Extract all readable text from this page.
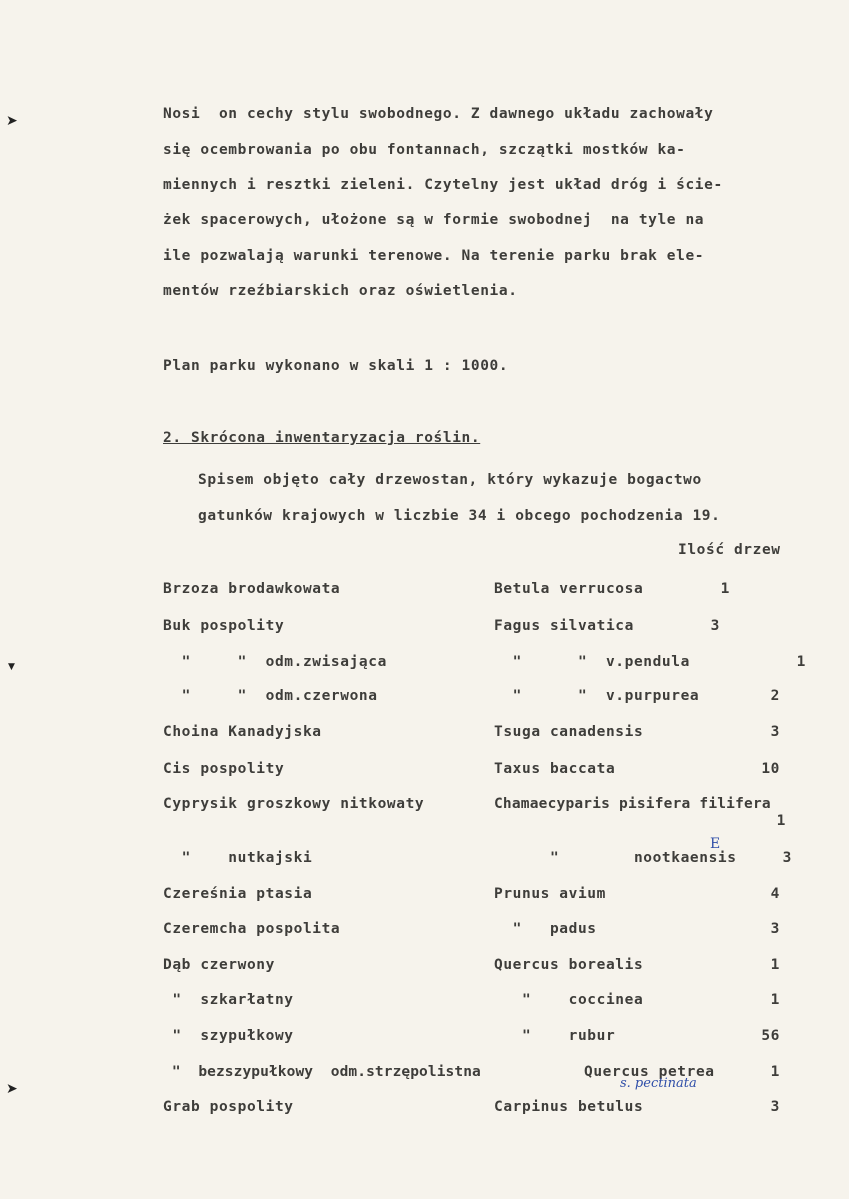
➤
▼
➤
Nosi  on cechy stylu swobodnego. Z dawnego układu zachowały
się ocembrowania po obu fontannach, szczątki mostków ka-
miennych i resztki zieleni. Czytelny jest układ dróg i ście-
żek spacerowych, ułożone są w formie swobodnej  na tyle na
ile pozwalają warunki terenowe. Na terenie parku brak ele-
mentów rzeźbiarskich oraz oświetlenia.
Plan parku wykonano w skali 1 : 1000.
2. Skrócona inwentaryzacja roślin.
Spisem objęto cały drzewostan, który wykazuje bogactwo
gatunków krajowych w liczbie 34 i obcego pochodzenia 19.
Ilość drzew
Brzoza brodawkowata	Betula verrucosa	1
Buk pospolity	Fagus silvatica	3
"     "  odm.zwisająca	"      "  v.pendula	1
"     "  odm.czerwona	"      "  v.purpurea	2
Choina Kanadyjska	Tsuga canadensis	3
Cis pospolity	Taxus baccata	10
Cyprysik groszkowy nitkowaty	Chamaecyparis pisifera filifera
1
"    nutkajski	"        nootkaensis	3
Czereśnia ptasia	Prunus avium	4
Czeremcha pospolita	"   padus	3
Dąb czerwony	Quercus borealis	1
"  szkarłatny	"    coccinea	1
"  szypułkowy	"    rubur	56
"  bezszypułkowy  odm.strzępolistna	Quercus petrea	1
Grab pospolity	Carpinus betulus	3
s. pectinata
E
